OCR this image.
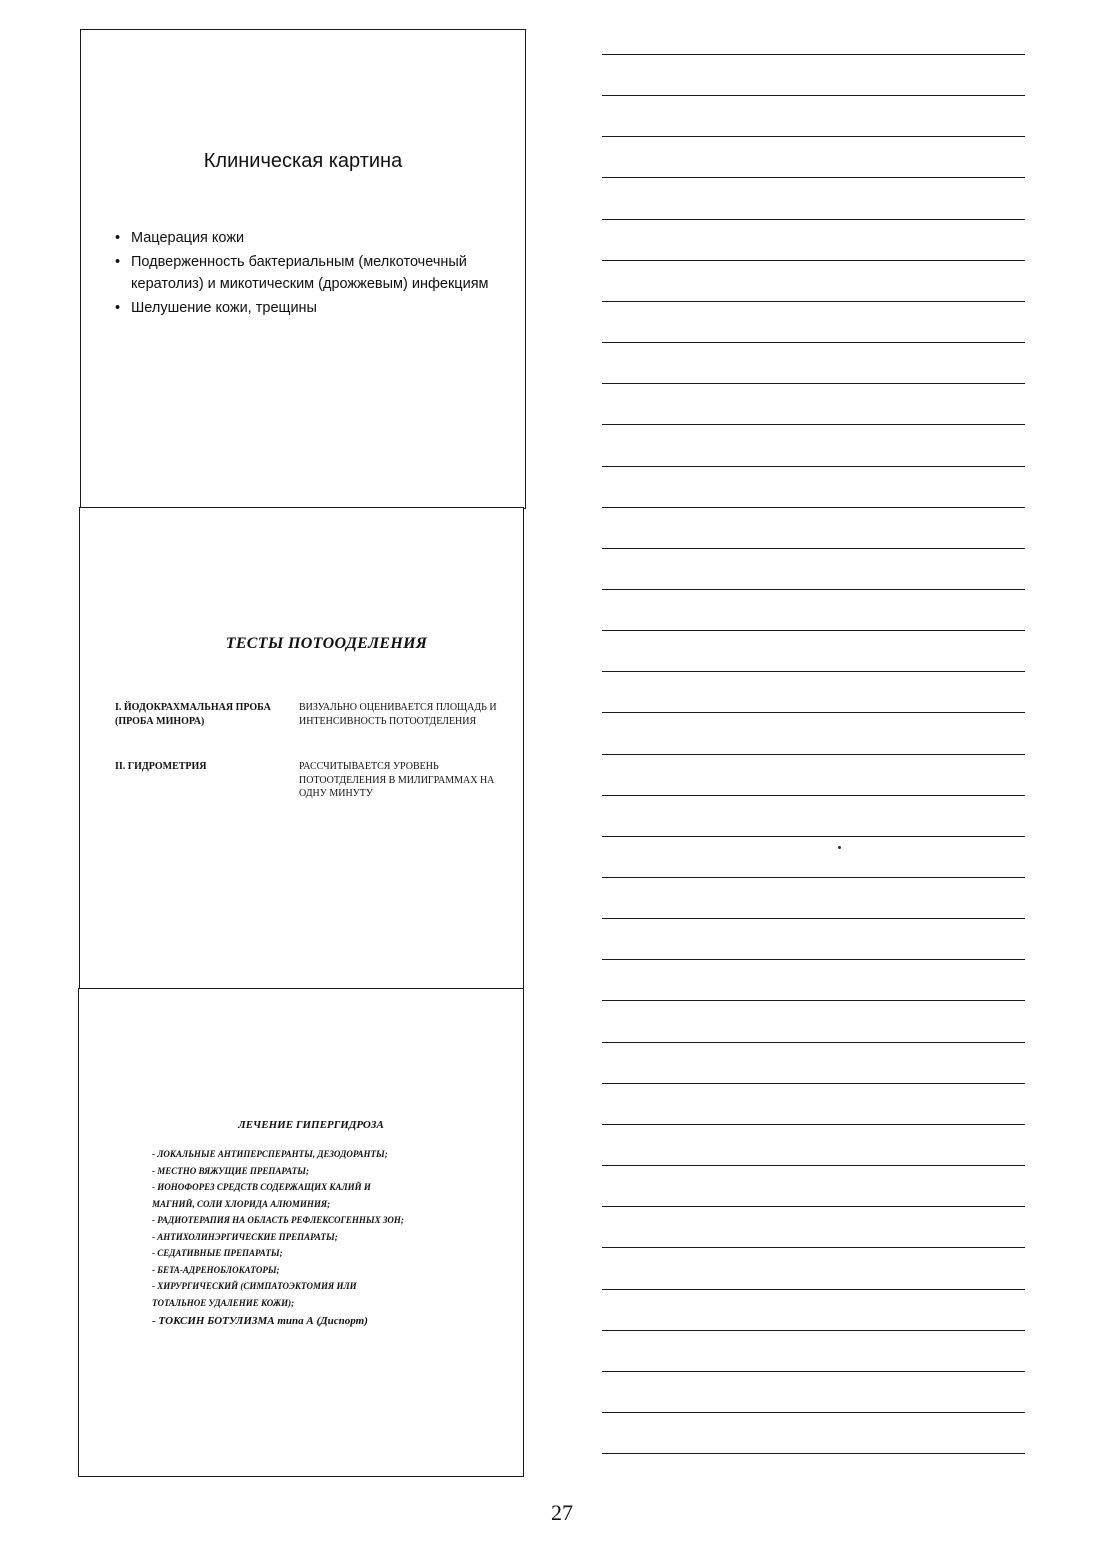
Клиническая картина
• Мацерация кожи
• Подверженность бактериальным (мелкоточечный кератолиз) и микотическим (дрожжевым) инфекциям
• Шелушение кожи, трещины
ТЕСТЫ ПОТООДЕЛЕНИЯ
I. ЙОДОКРАХМАЛЬНАЯ ПРОБА (ПРОБА МИНОРА)
ВИЗУАЛЬНО ОЦЕНИВАЕТСЯ ПЛОЩАДЬ И ИНТЕНСИВНОСТЬ ПОТООТДЕЛЕНИЯ
II. ГИДРОМЕТРИЯ	РАССЧИТЫВАЕТСЯ УРОВЕНЬ ПОТООТДЕЛЕНИЯ В МИЛИГРАММАХ НА ОДНУ МИНУТУ
ЛЕЧЕНИЕ ГИПЕРГИДРОЗА
- ЛОКАЛЬНЫЕ АНТИПЕРСПЕРАНТЫ, ДЕЗОДОРАНТЫ;
- МЕСТНО ВЯЖУЩИЕ ПРЕПАРАТЫ;
- ИОНОФОРЕЗ СРЕДСТВ СОДЕРЖАЩИХ КАЛИЙ И
МАГНИЙ, СОЛИ ХЛОРИДА АЛЮМИНИЯ;
- РАДИОТЕРАПИЯ НА ОБЛАСТЬ РЕФЛЕКСОГЕННЫХ ЗОН;
- АНТИХОЛИНЭРГИЧЕСКИЕ ПРЕПАРАТЫ;
- СЕДАТИВНЫЕ ПРЕПАРАТЫ;
- БЕТА-АДРЕНОБЛОКАТОРЫ;
- ХИРУРГИЧЕСКИЙ (СИМПАТОЭКТОМИЯ ИЛИ
ТОТАЛЬНОЕ УДАЛЕНИЕ КОЖИ);
- ТОКСИН БОТУЛИЗМА типа А (Диспорт)
27
